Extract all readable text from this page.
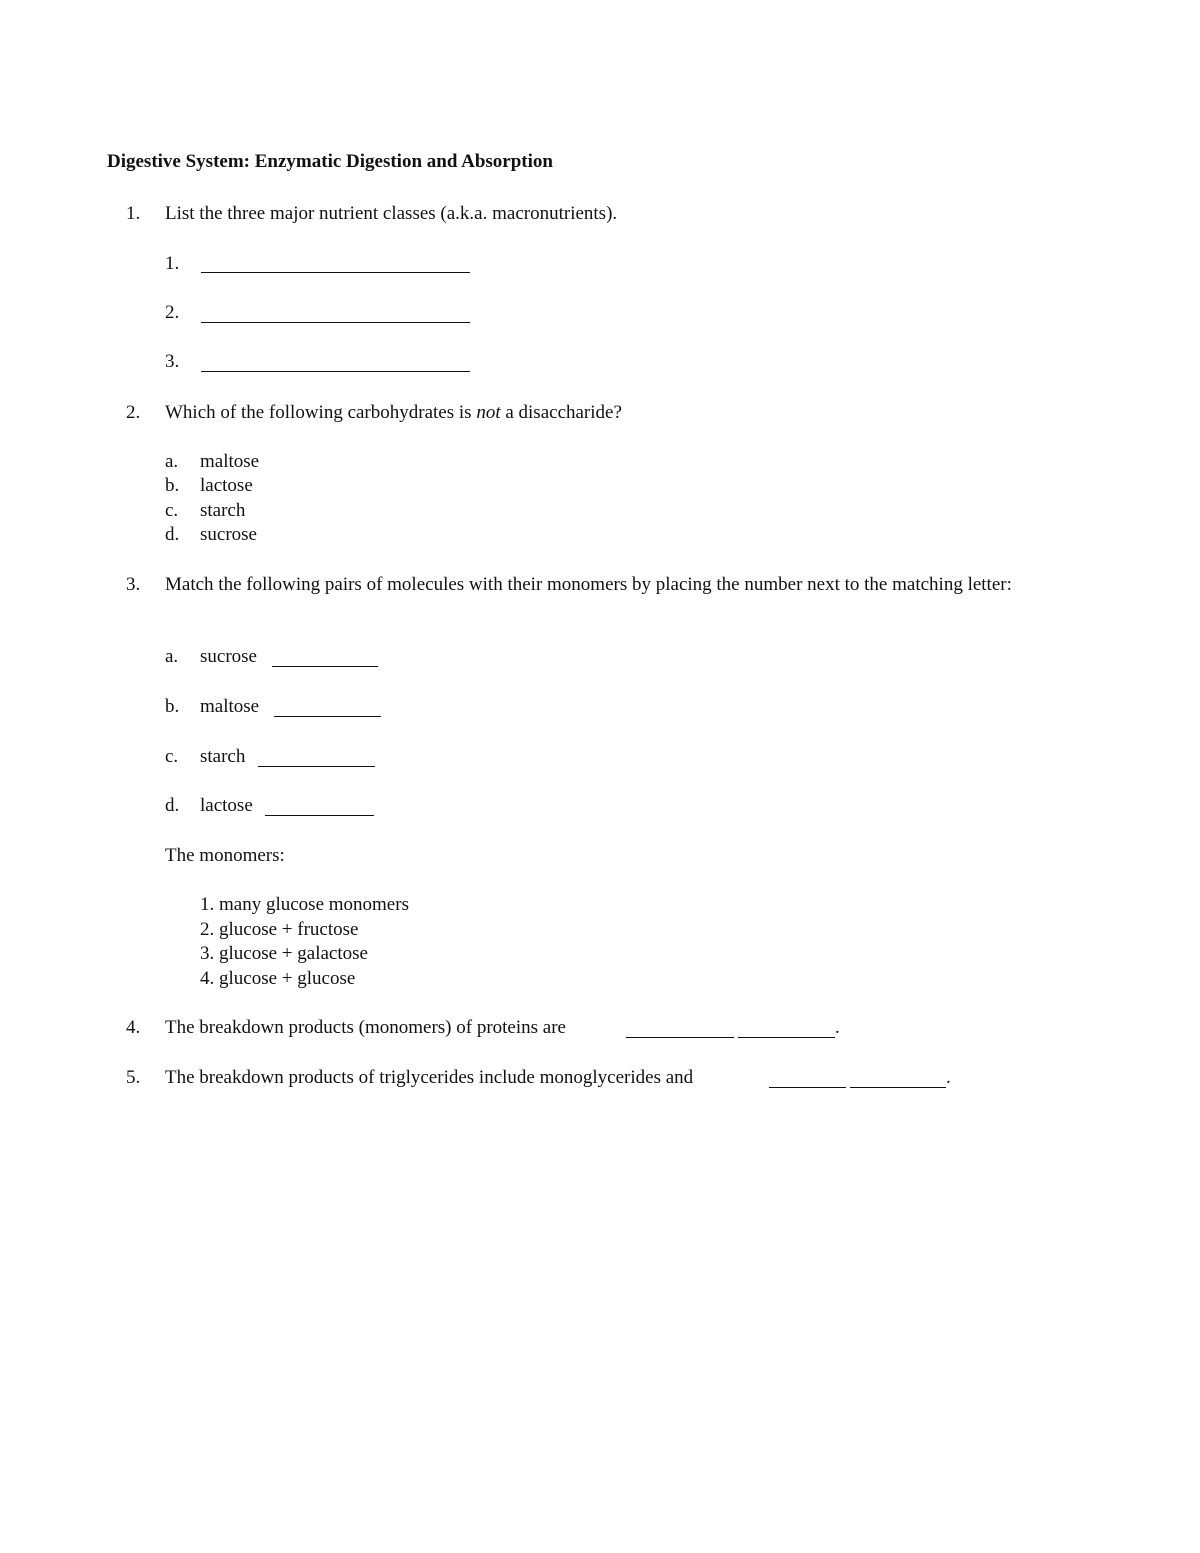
Digestive System: Enzymatic Digestion and Absorption
1. List the three major nutrient classes (a.k.a. macronutrients).
1.
2.
3.
2. Which of the following carbohydrates is not a disaccharide?
a. maltose
b. lactose
c. starch
d. sucrose
3. Match the following pairs of molecules with their monomers by placing the number next to the matching letter:
a. sucrose
b. maltose
c. starch
d. lactose
The monomers:
1. many glucose monomers
2. glucose + fructose
3. glucose + galactose
4. glucose + glucose
4. The breakdown products (monomers) of proteins are	.
5. The breakdown products of triglycerides include monoglycerides and	.
